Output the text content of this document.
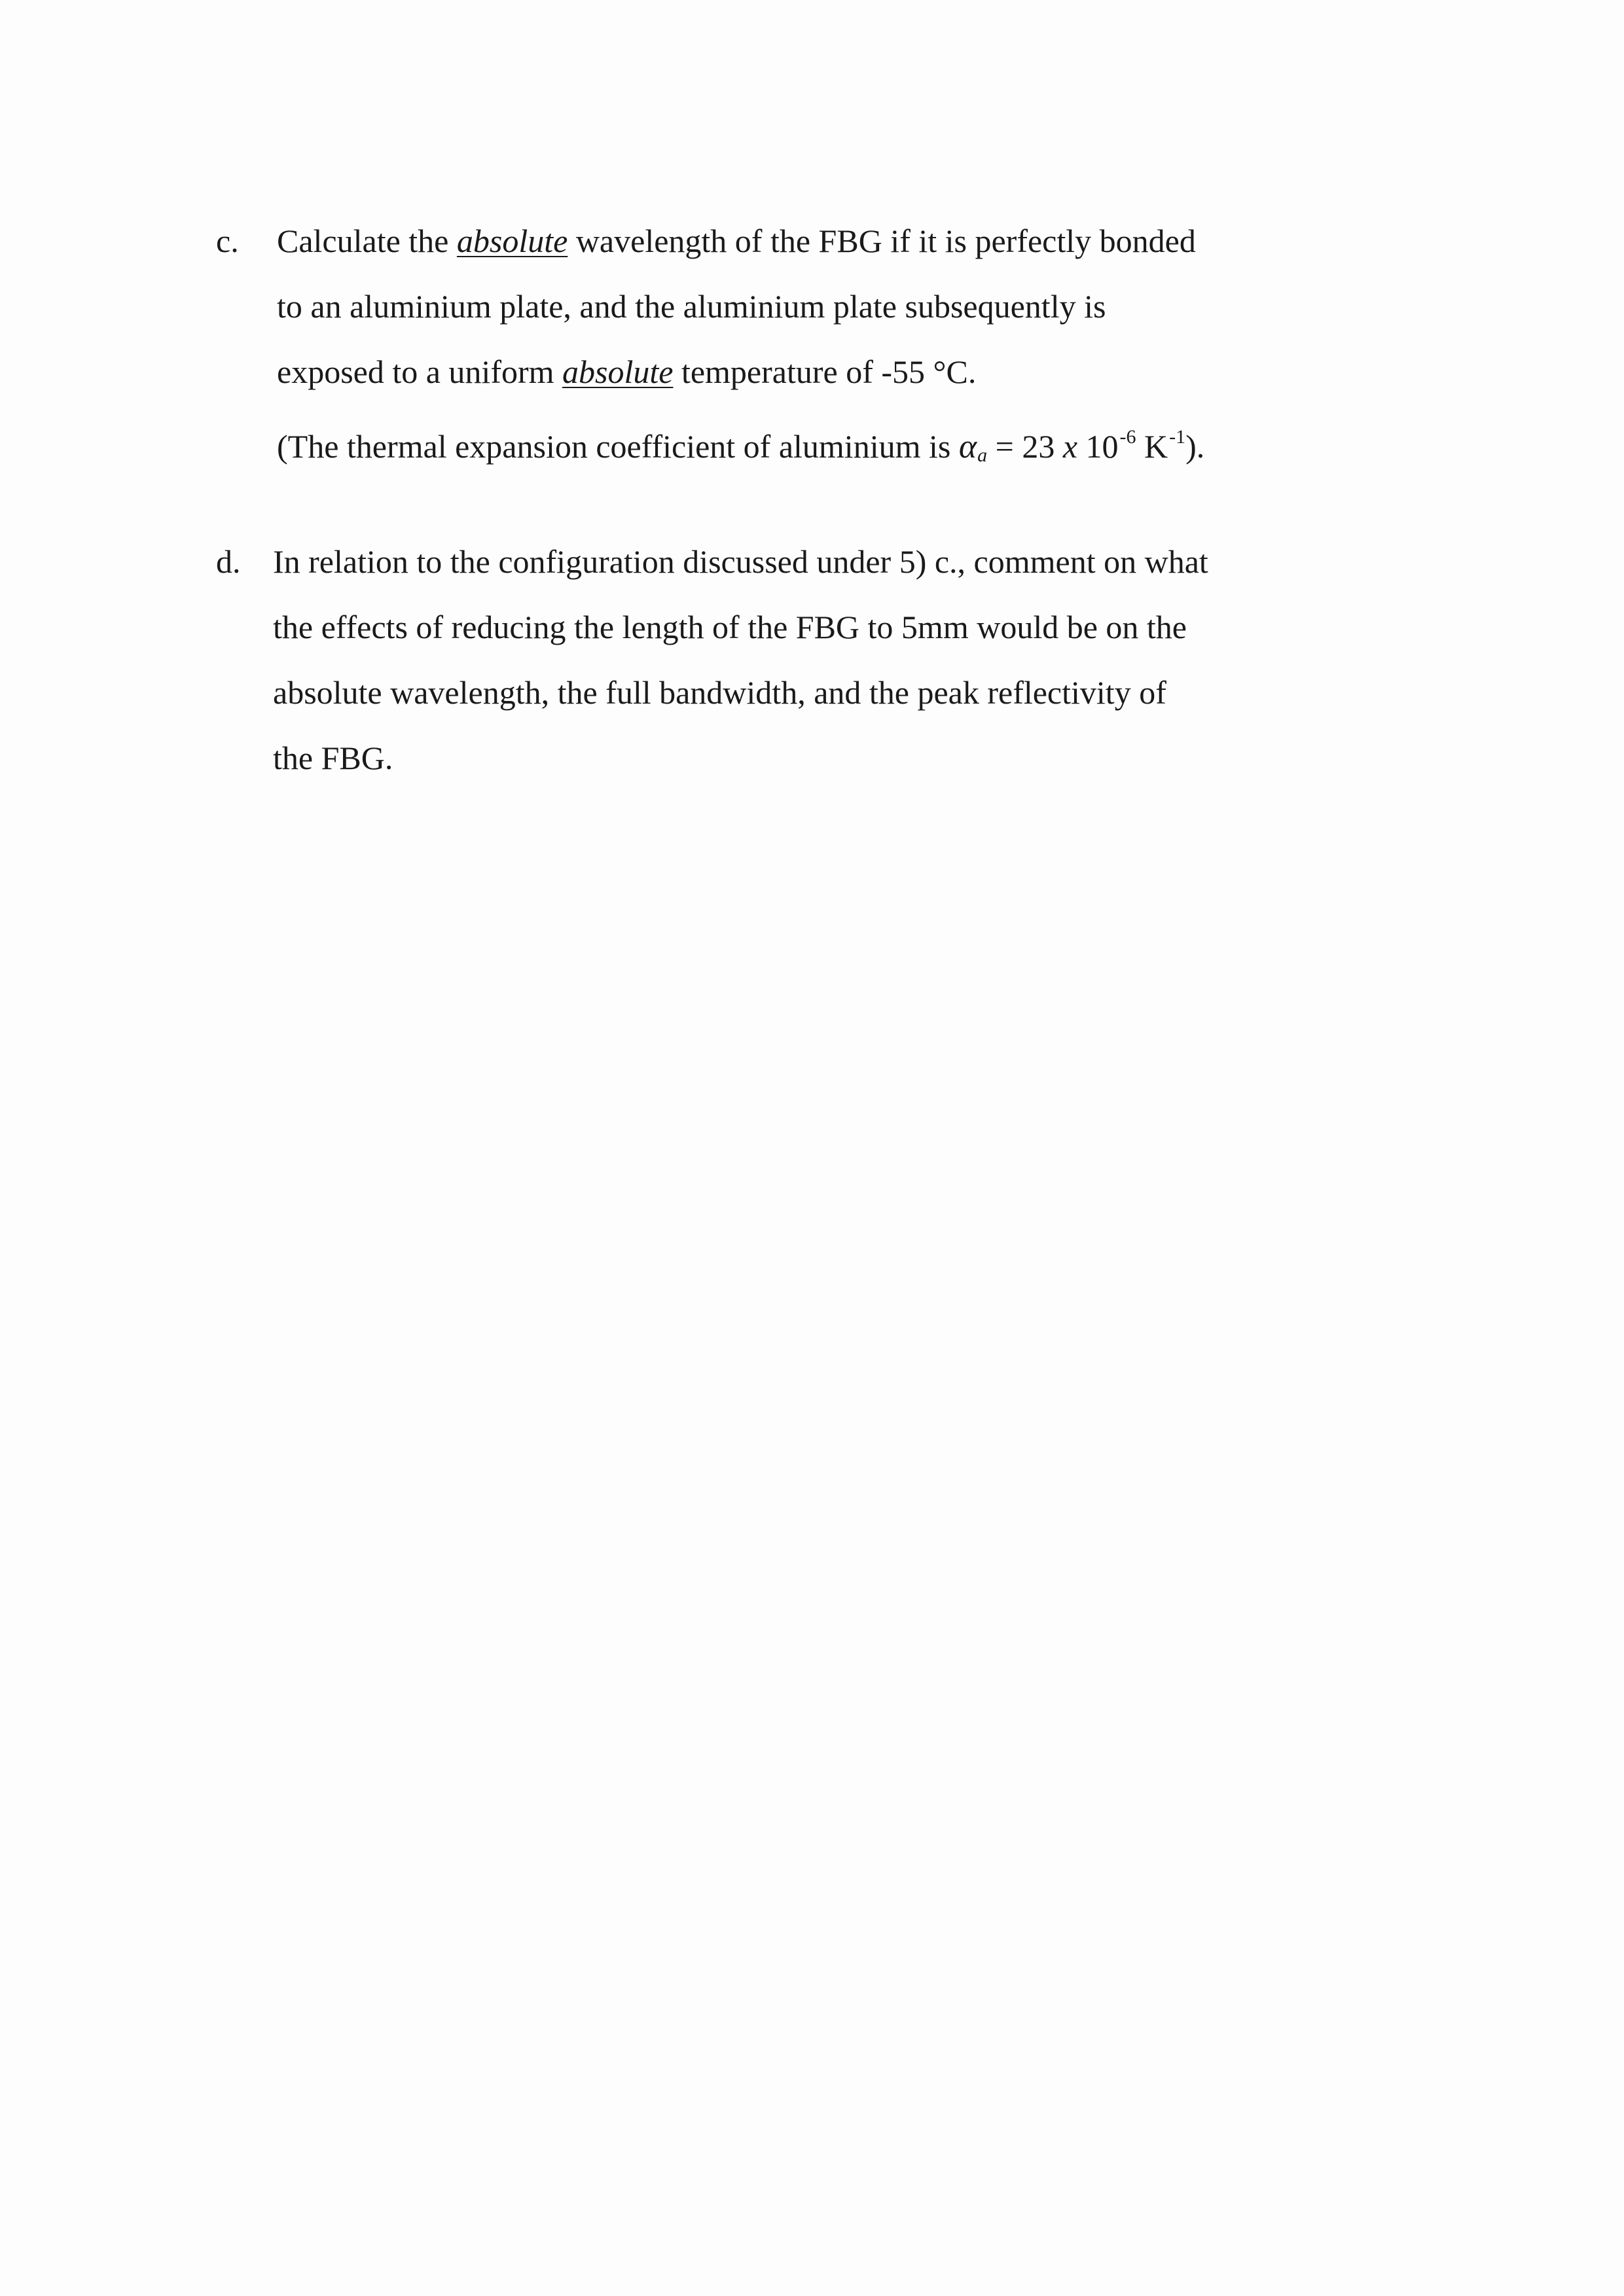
c. Calculate the absolute wavelength of the FBG if it is perfectly bonded
to an aluminium plate, and the aluminium plate subsequently is
exposed to a uniform absolute temperature of -55 °C.
(The thermal expansion coefficient of aluminium is $\alpha_a = 23$ x $10^{-6}$ $K^{-1}$).
d. In relation to the configuration discussed under 5) c., comment on what
the effects of reducing the length of the FBG to 5mm would be on the
absolute wavelength, the full bandwidth, and the peak reflectivity of
the FBG.
